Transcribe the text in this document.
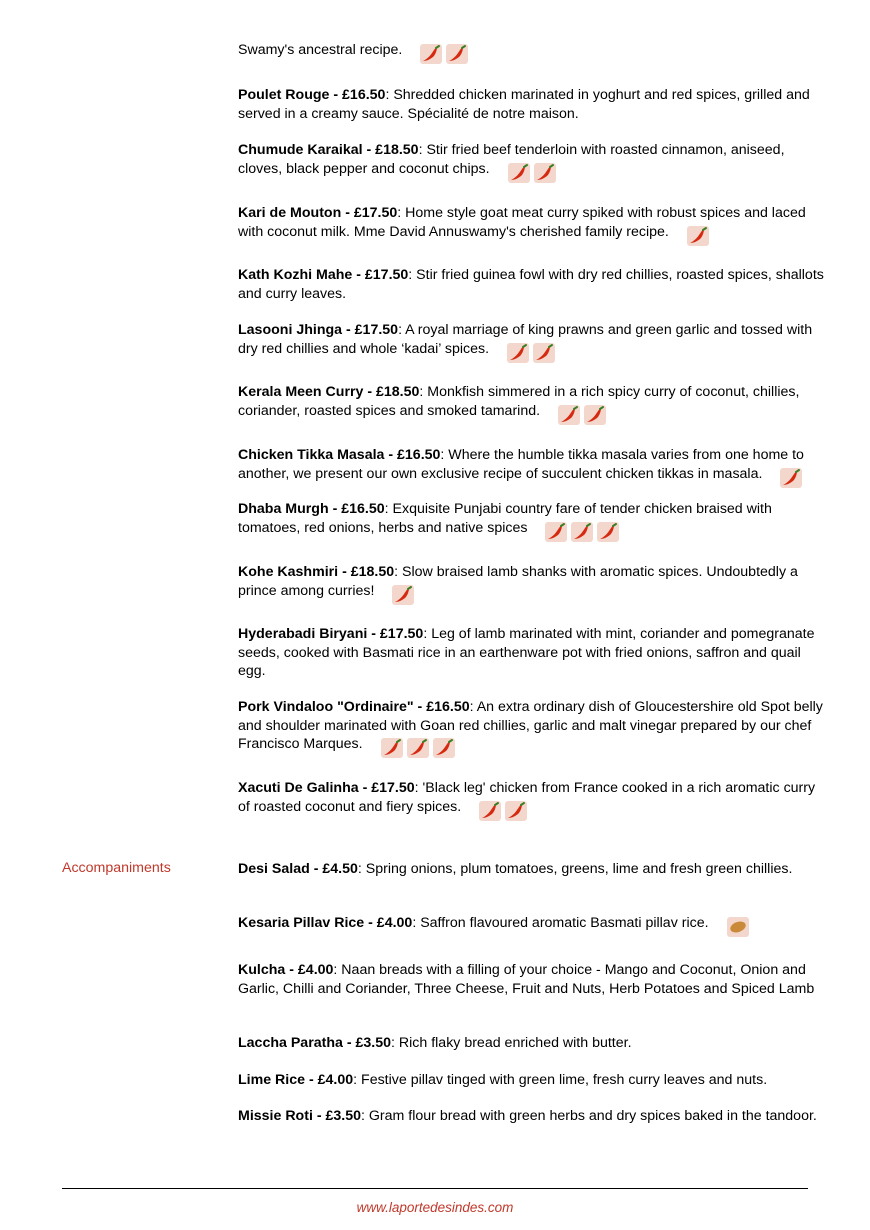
Swamy's ancestral recipe.
Poulet Rouge - £16.50: Shredded chicken marinated in yoghurt and red spices, grilled and served in a creamy sauce. Spécialité de notre maison.
Chumude Karaikal - £18.50: Stir fried beef tenderloin with roasted cinnamon, aniseed, cloves, black pepper and coconut chips.
Kari de Mouton - £17.50: Home style goat meat curry spiked with robust spices and laced with coconut milk. Mme David Annuswamy's cherished family recipe.
Kath Kozhi Mahe - £17.50: Stir fried guinea fowl with dry red chillies, roasted spices, shallots and curry leaves.
Lasooni Jhinga - £17.50: A royal marriage of king prawns and green garlic and tossed with dry red chillies and whole ‘kadai’ spices.
Kerala Meen Curry - £18.50: Monkfish simmered in a rich spicy curry of coconut, chillies, coriander, roasted spices and smoked tamarind.
Chicken Tikka Masala - £16.50: Where the humble tikka masala varies from one home to another, we present our own exclusive recipe of succulent chicken tikkas in masala.
Dhaba Murgh - £16.50: Exquisite Punjabi country fare of tender chicken braised with tomatoes, red onions, herbs and native spices
Kohe Kashmiri - £18.50: Slow braised lamb shanks with aromatic spices. Undoubtedly a prince among curries!
Hyderabadi Biryani - £17.50: Leg of lamb marinated with mint, coriander and pomegranate seeds, cooked with Basmati rice in an earthenware pot with fried onions, saffron and quail egg.
Pork Vindaloo "Ordinaire" - £16.50: An extra ordinary dish of Gloucestershire old Spot belly and shoulder marinated with Goan red chillies, garlic and malt vinegar prepared by our chef Francisco Marques.
Xacuti De Galinha - £17.50: 'Black leg' chicken from France cooked in a rich aromatic curry of roasted coconut and fiery spices.
Accompaniments	Desi Salad - £4.50: Spring onions, plum tomatoes, greens, lime and fresh green chillies.
Kesaria Pillav Rice - £4.00: Saffron flavoured aromatic Basmati pillav rice.
Kulcha - £4.00: Naan breads with a filling of your choice - Mango and Coconut, Onion and Garlic, Chilli and Coriander, Three Cheese, Fruit and Nuts, Herb Potatoes and Spiced Lamb
Laccha Paratha - £3.50: Rich flaky bread enriched with butter.
Lime Rice - £4.00: Festive pillav tinged with green lime, fresh curry leaves and nuts.
Missie Roti - £3.50: Gram flour bread with green herbs and dry spices baked in the tandoor.
www.laportedesindes.com
